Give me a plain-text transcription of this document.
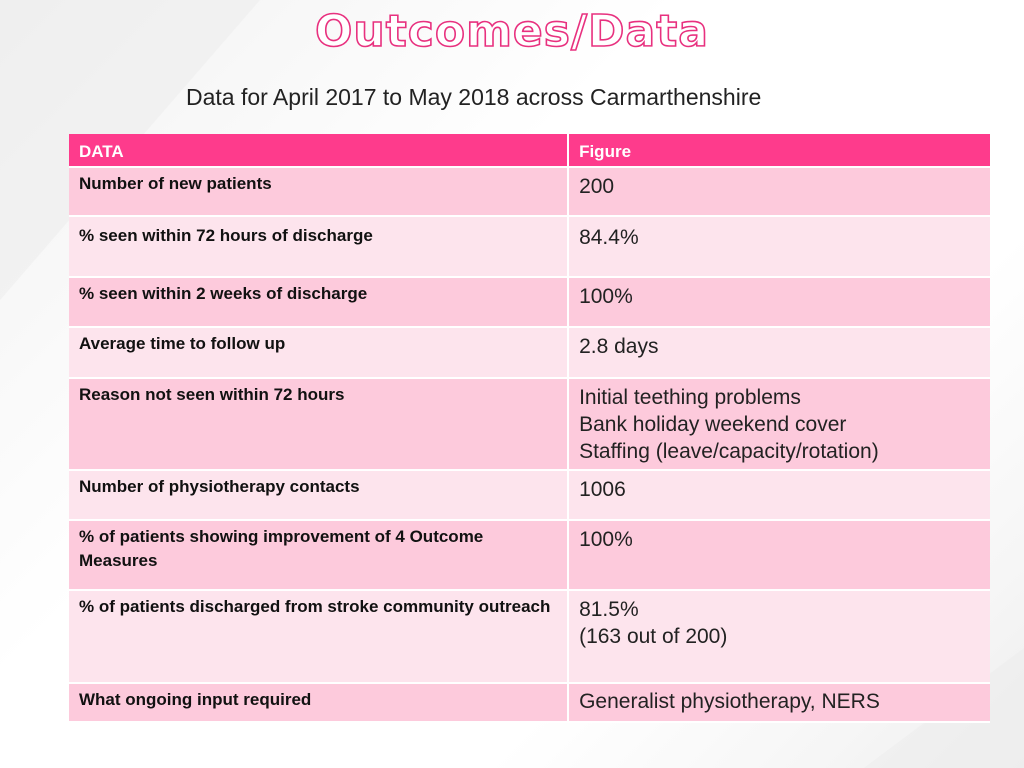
Outcomes/Data
Data for April 2017 to May 2018 across Carmarthenshire
DATA	Figure

Number of new patients	200

% seen within 72 hours of discharge	84.4%

% seen within 2 weeks of discharge	100%

Average time to follow up	2.8 days

Reason not seen within 72 hours	Initial teething problems
Bank holiday weekend cover
Staffing (leave/capacity/rotation)

Number of physiotherapy contacts	1006

% of patients showing improvement of 4 Outcome Measures	100%

% of patients discharged from stroke community outreach	81.5%
(163 out of 200)

What ongoing input required	Generalist physiotherapy, NERS
